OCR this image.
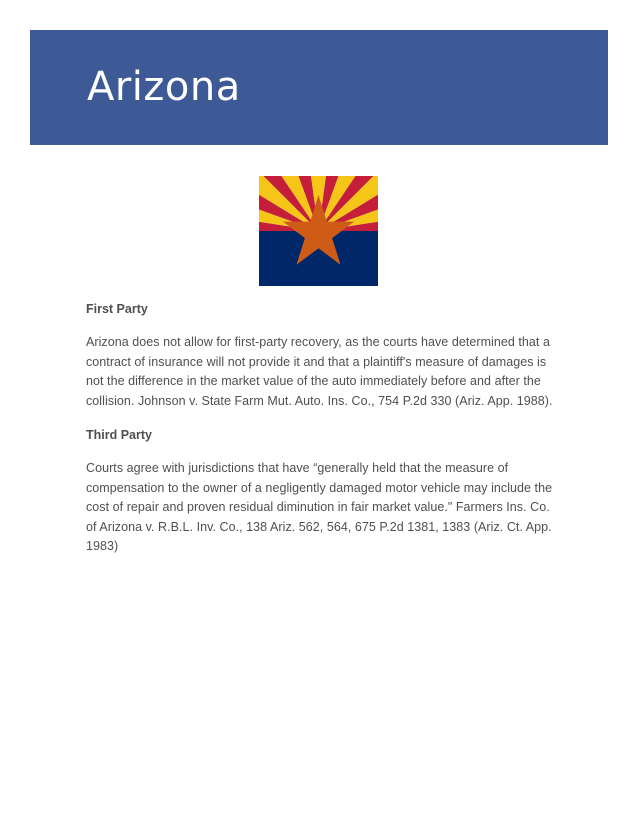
Arizona

First Party

Arizona does not allow for first-party recovery, as the courts have determined that a contract of insurance will not provide it and that a plaintiff's measure of damages is not the difference in the market value of the auto immediately before and after the collision. Johnson v. State Farm Mut. Auto. Ins. Co., 754 P.2d 330 (Ariz. App. 1988).

Third Party

Courts agree with jurisdictions that have “generally held that the measure of compensation to the owner of a negligently damaged motor vehicle may include the cost of repair and proven residual diminution in fair market value." Farmers Ins. Co. of Arizona v. R.B.L. Inv. Co., 138 Ariz. 562, 564, 675 P.2d 1381, 1383 (Ariz. Ct. App. 1983)
